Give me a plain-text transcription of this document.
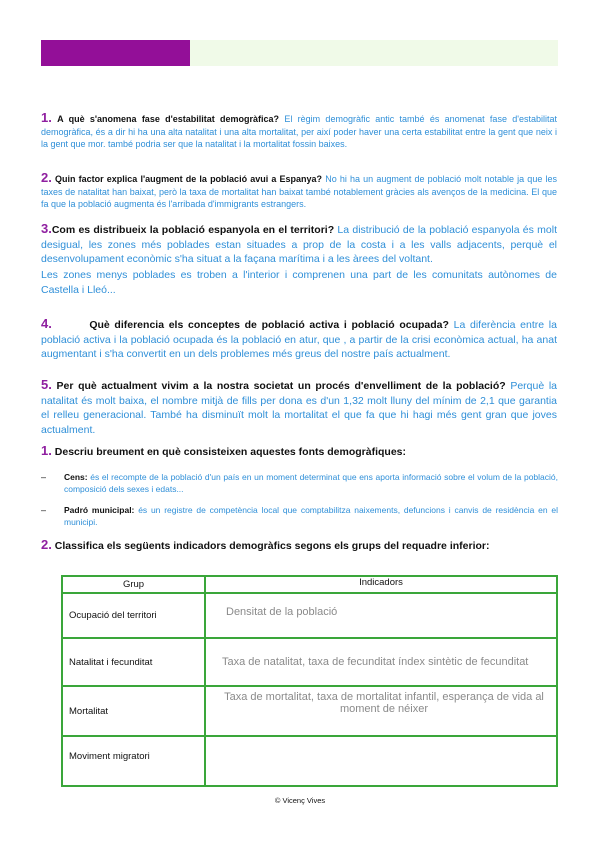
1. A què s'anomena fase d'estabilitat demogràfica? El règim demogràfic antic també és anomenat fase d'estabilitat demogràfica, és a dir hi ha una alta natalitat i una alta mortalitat, per així poder haver una certa estabilitat entre la gent que neix i la gent que mor. també podria ser que la natalitat i la mortalitat fossin baixes.
2. Quin factor explica l'augment de la població avui a Espanya? No hi ha un augment de població molt notable ja que les taxes de natalitat han baixat, però la taxa de mortalitat han baixat també notablement gràcies als avenços de la medicina. El que fa que la població augmenta és l'arribada d'immigrants estrangers.
3.Com es distribueix la població espanyola en el territori? La distribució de la població espanyola és molt desigual, les zones més poblades estan situades a prop de la costa i a les valls adjacents, perquè el desenvolupament econòmic s'ha situat a la façana marítima i a les àrees del voltant.
Les zones menys poblades es troben a l'interior i comprenen una part de les comunitats autònomes de Castella i Lleó...
4.	Què diferencia els conceptes de població activa i població ocupada? La diferència entre la població activa i la població ocupada és la població en atur, que , a partir de la crisi econòmica actual, ha anat augmentant i s'ha convertit en un dels problemes més greus del nostre país actualment.
5. Per què actualment vivim a la nostra societat un procés d'envelliment de la població? Perquè la natalitat és molt baixa, el nombre mitjà de fills per dona es d'un 1,32 molt lluny del mínim de 2,1 que garantia el relleu generacional. També ha disminuït molt la mortalitat el que fa que hi hagi més gent gran que joves actualment.
1. Descriu breument en què consisteixen aquestes fonts demogràfiques:
– Cens: és el recompte de la població d'un país en un moment determinat que ens aporta informació sobre el volum de la població, composició dels sexes i edats...
– Padró municipal: és un registre de competència local que comptabilitza naixements, defuncions i canvis de residència en el municipi.
2. Classifica els següents indicadors demogràfics segons els grups del requadre inferior:
Grup	Indicadors
Ocupació del territori	Densitat de la població
Natalitat i fecunditat	Taxa de natalitat, taxa de fecunditat índex sintètic de fecunditat
Mortalitat	Taxa de mortalitat, taxa de mortalitat infantil, esperança de vida al moment de néixer
Moviment migratori	
© Vicenç Vives
